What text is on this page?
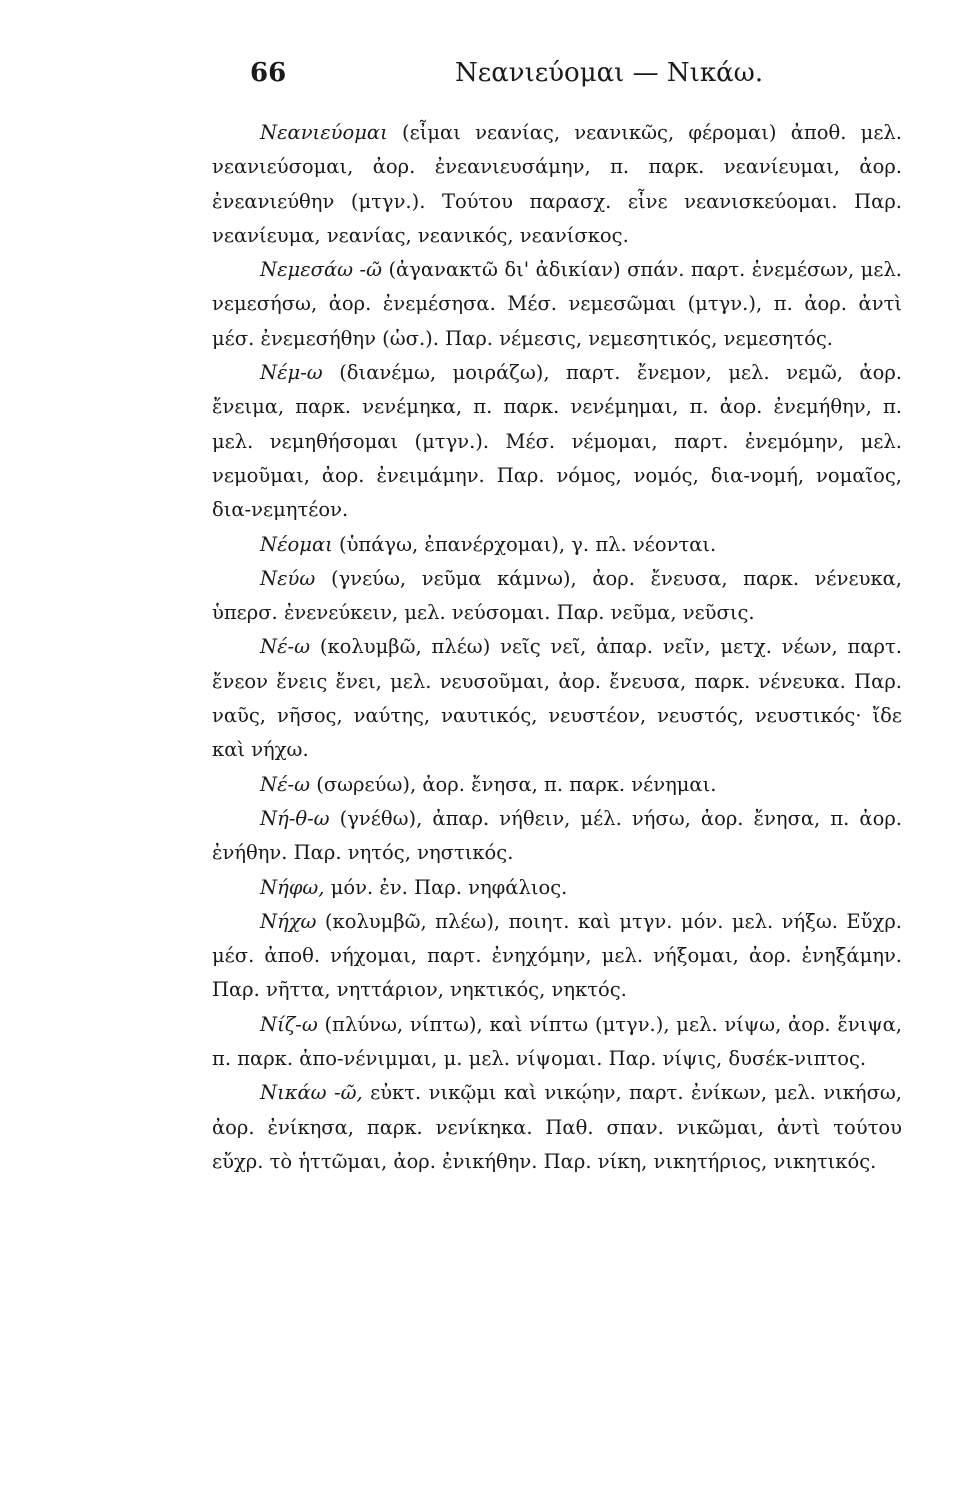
66	Νεανιεύομαι — Νικάω.

Νεανιεύομαι (εἶμαι νεανίας, νεανικῶς, φέρομαι) ἀποθ. μελ. νεανιεύσομαι, ἀορ. ἐνεανιευσάμην, π. παρκ. νεανίευμαι, ἀορ. ἐνεανιεύθην (μτγν.). Τούτου παρασχ. εἶνε νεανισκεύομαι. Παρ. νεανίευμα, νεανίας, νεανικός, νεανίσκος.

Νεμεσάω -ῶ (ἀγανακτῶ δι' ἀδικίαν) σπάν. παρτ. ἐνεμέσων, μελ. νεμεσήσω, ἀορ. ἐνεμέσησα. Μέσ. νεμεσῶμαι (μτγν.), π. ἀορ. ἀντὶ μέσ. ἐνεμεσήθην (ὡσ.). Παρ. νέμεσις, νεμεσητικός, νεμεσητός.

Νέμ-ω (διανέμω, μοιράζω), παρτ. ἔνεμον, μελ. νεμῶ, ἀορ. ἔνειμα, παρκ. νενέμηκα, π. παρκ. νενέμημαι, π. ἀορ. ἐνεμήθην, π. μελ. νεμηθήσομαι (μτγν.). Μέσ. νέμομαι, παρτ. ἐνεμόμην, μελ. νεμοῦμαι, ἀορ. ἐνειμάμην. Παρ. νόμος, νομός, δια-νομή, νομαῖος, δια-νεμητέον.

Νέομαι (ὑπάγω, ἐπανέρχομαι), γ. πλ. νέονται.

Νεύω (γνεύω, νεῦμα κάμνω), ἀορ. ἔνευσα, παρκ. νένευκα, ὑπερσ. ἐνενεύκειν, μελ. νεύσομαι. Παρ. νεῦμα, νεῦσις.

Νέ-ω (κολυμβῶ, πλέω) νεῖς νεῖ, ἀπαρ. νεῖν, μετχ. νέων, παρτ. ἔνεον ἔνεις ἔνει, μελ. νευσοῦμαι, ἀορ. ἔνευσα, παρκ. νένευκα. Παρ. ναῦς, νῆσος, ναύτης, ναυτικός, νευστέον, νευστός, νευστικός· ἴδε καὶ νήχω.

Νέ-ω (σωρεύω), ἀορ. ἔνησα, π. παρκ. νένημαι.

Νή-θ-ω (γνέθω), ἀπαρ. νήθειν, μέλ. νήσω, ἀορ. ἔνησα, π. ἀορ. ἐνήθην. Παρ. νητός, νηστικός.

Νήφω, μόν. ἐν. Παρ. νηφάλιος.

Νήχω (κολυμβῶ, πλέω), ποιητ. καὶ μτγν. μόν. μελ. νήξω. Εὔχρ. μέσ. ἀποθ. νήχομαι, παρτ. ἐνηχόμην, μελ. νήξομαι, ἀορ. ἐνηξάμην. Παρ. νῆττα, νηττάριον, νηκτικός, νηκτός.

Νίζ-ω (πλύνω, νίπτω), καὶ νίπτω (μτγν.), μελ. νίψω, ἀορ. ἔνιψα, π. παρκ. ἀπο-νένιμμαι, μ. μελ. νίψομαι. Παρ. νίψις, δυσέκ-νιπτος.

Νικάω -ῶ, εὐκτ. νικῷμι καὶ νικῴην, παρτ. ἐνίκων, μελ. νικήσω, ἀορ. ἐνίκησα, παρκ. νενίκηκα. Παθ. σπαν. νικῶμαι, ἀντὶ τούτου εὔχρ. τὸ ἡττῶμαι, ἀορ. ἐνικήθην. Παρ. νίκη, νικητήριος, νικητικός.
